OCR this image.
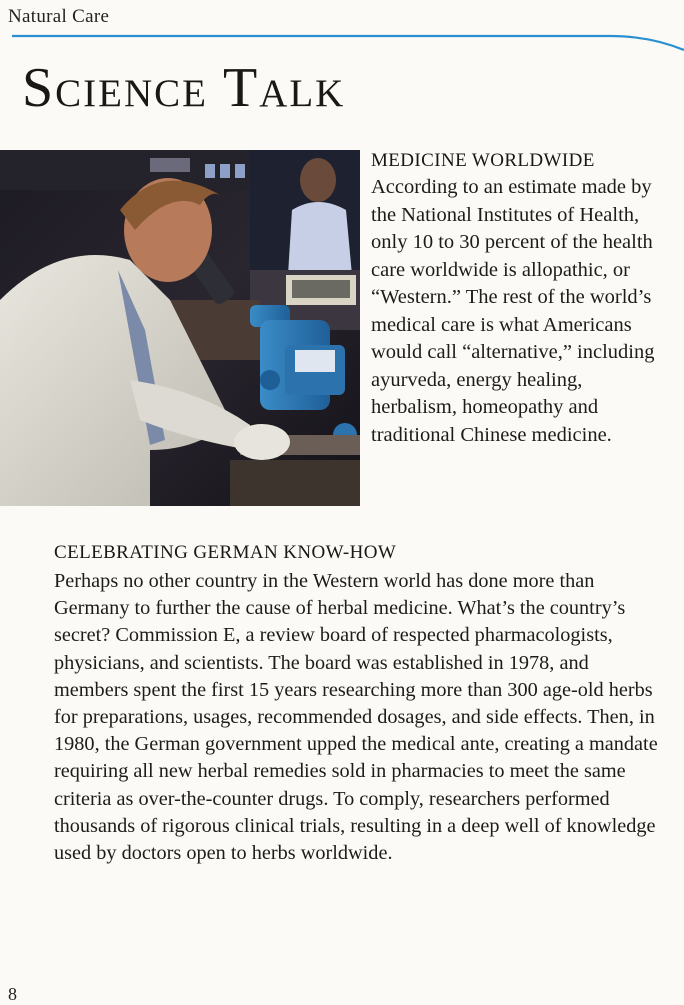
Natural Care
Science Talk
MEDICINE WORLDWIDE

According to an estimate made by the National Institutes of Health, only 10 to 30 percent of the health care worldwide is allopathic, or “Western.” The rest of the world’s medical care is what Americans would call “alternative,” including ayurveda, energy healing, herbalism, homeopathy and traditional Chinese medicine.

CELEBRATING GERMAN KNOW-HOW

Perhaps no other country in the Western world has done more than Germany to further the cause of herbal medicine. What’s the country’s secret? Commission E, a review board of respected pharmacologists, physicians, and scientists. The board was established in 1978, and members spent the first 15 years researching more than 300 age-old herbs for preparations, usages, recommended dosages, and side effects. Then, in 1980, the German government upped the medical ante, creating a mandate requiring all new herbal remedies sold in pharmacies to meet the same criteria as over-the-counter drugs. To comply, researchers performed thousands of rigorous clinical trials, resulting in a deep well of knowledge used by doctors open to herbs worldwide.

8
